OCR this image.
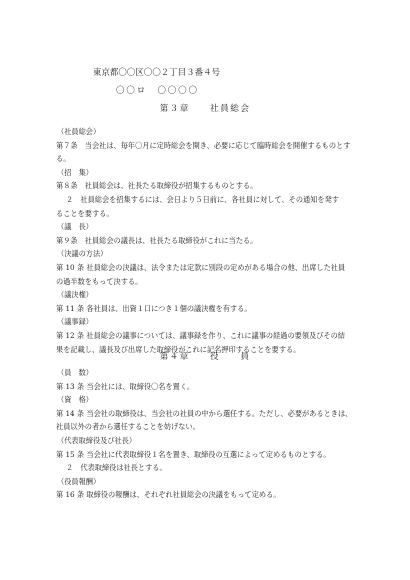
東京都〇〇区〇〇２丁目３番４号
〇〇ロ　〇〇〇〇
第３章　　社員総会

（社員総会）

第７条　当会社は、毎年〇月に定時総会を開き、必要に応じて臨時総会を開催するものとす

る。

（招　集）

第８条　社員総会は、社長たる取締役が招集するものとする。

２　社員総会を招集するには、会日より５日前に、各社員に対して、その通知を発す

ることを要する。

（議　長）

第９条　社員総会の議長は、社長たる取締役がこれに当たる。

（決議の方法）

第 10 条 社員総会の決議は、法令または定款に別段の定めがある場合の他、出席した社員

の過半数をもって決する。

（議決権）

第 11 条 各社員は、出資１口につき１個の議決権を有する。

（議事録）

第 12 条 社員総会の議事については、議事録を作り、これに議事の経過の要領及びその結

果を記載し、議長及び出席した取締役がこれに記名押印することを要する。

第４章　　役　　員

（員　数）

第 13 条 当会社には、取締役〇名を置く。

（資　格）

第 14 条 当会社の取締役は、当会社の社員の中から選任する。ただし、必要があるときは、

社員以外の者から選任することを妨げない。

（代表取締役及び社長）

第 15 条 当会社に代表取締役１名を置き、取締役の互選によって定めるものとする。

２　代表取締役は社長とする。

（役員報酬）

第 16 条 取締役の報酬は、それぞれ社員総会の決議をもって定める。
